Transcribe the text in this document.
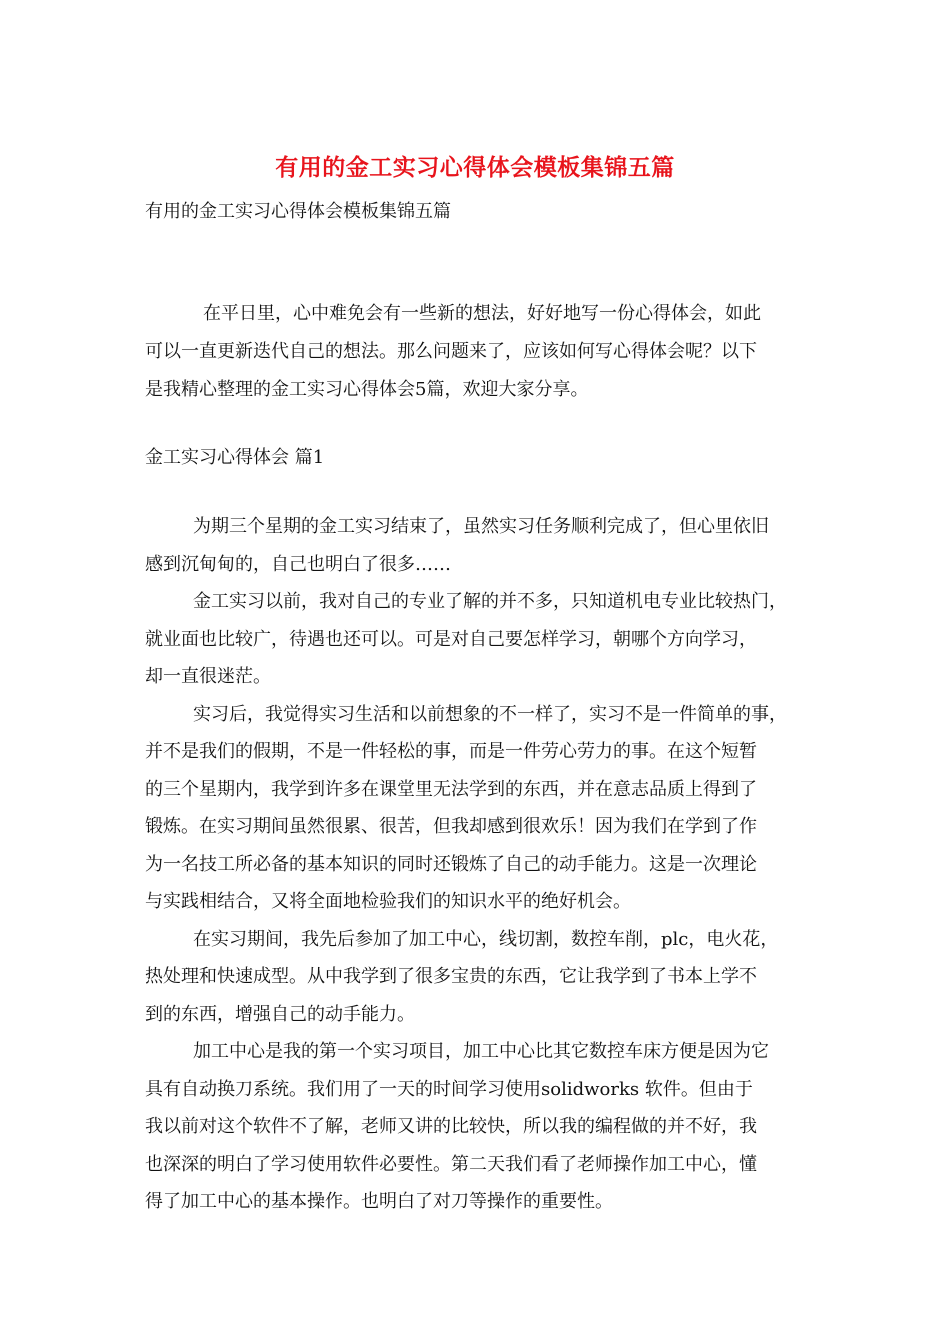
有用的金工实习心得体会模板集锦五篇
有用的金工实习心得体会模板集锦五篇
在平日里，心中难免会有一些新的想法，好好地写一份心得体会，如此
可以一直更新迭代自己的想法。那么问题来了，应该如何写心得体会呢？以下
是我精心整理的金工实习心得体会5篇，欢迎大家分享。
金工实习心得体会 篇1
为期三个星期的金工实习结束了，虽然实习任务顺利完成了，但心里依旧
感到沉甸甸的，自己也明白了很多……
金工实习以前，我对自己的专业了解的并不多，只知道机电专业比较热门，
就业面也比较广，待遇也还可以。可是对自己要怎样学习，朝哪个方向学习，
却一直很迷茫。
实习后，我觉得实习生活和以前想象的不一样了，实习不是一件简单的事，
并不是我们的假期，不是一件轻松的事，而是一件劳心劳力的事。在这个短暂
的三个星期内，我学到许多在课堂里无法学到的东西，并在意志品质上得到了
锻炼。在实习期间虽然很累、很苦，但我却感到很欢乐！因为我们在学到了作
为一名技工所必备的基本知识的同时还锻炼了自己的动手能力。这是一次理论
与实践相结合，又将全面地检验我们的知识水平的绝好机会。
在实习期间，我先后参加了加工中心，线切割，数控车削，plc，电火花，
热处理和快速成型。从中我学到了很多宝贵的东西，它让我学到了书本上学不
到的东西，增强自己的动手能力。
加工中心是我的第一个实习项目，加工中心比其它数控车床方便是因为它
具有自动换刀系统。我们用了一天的时间学习使用solidworks 软件。但由于
我以前对这个软件不了解，老师又讲的比较快，所以我的编程做的并不好，我
也深深的明白了学习使用软件必要性。第二天我们看了老师操作加工中心，懂
得了加工中心的基本操作。也明白了对刀等操作的重要性。
